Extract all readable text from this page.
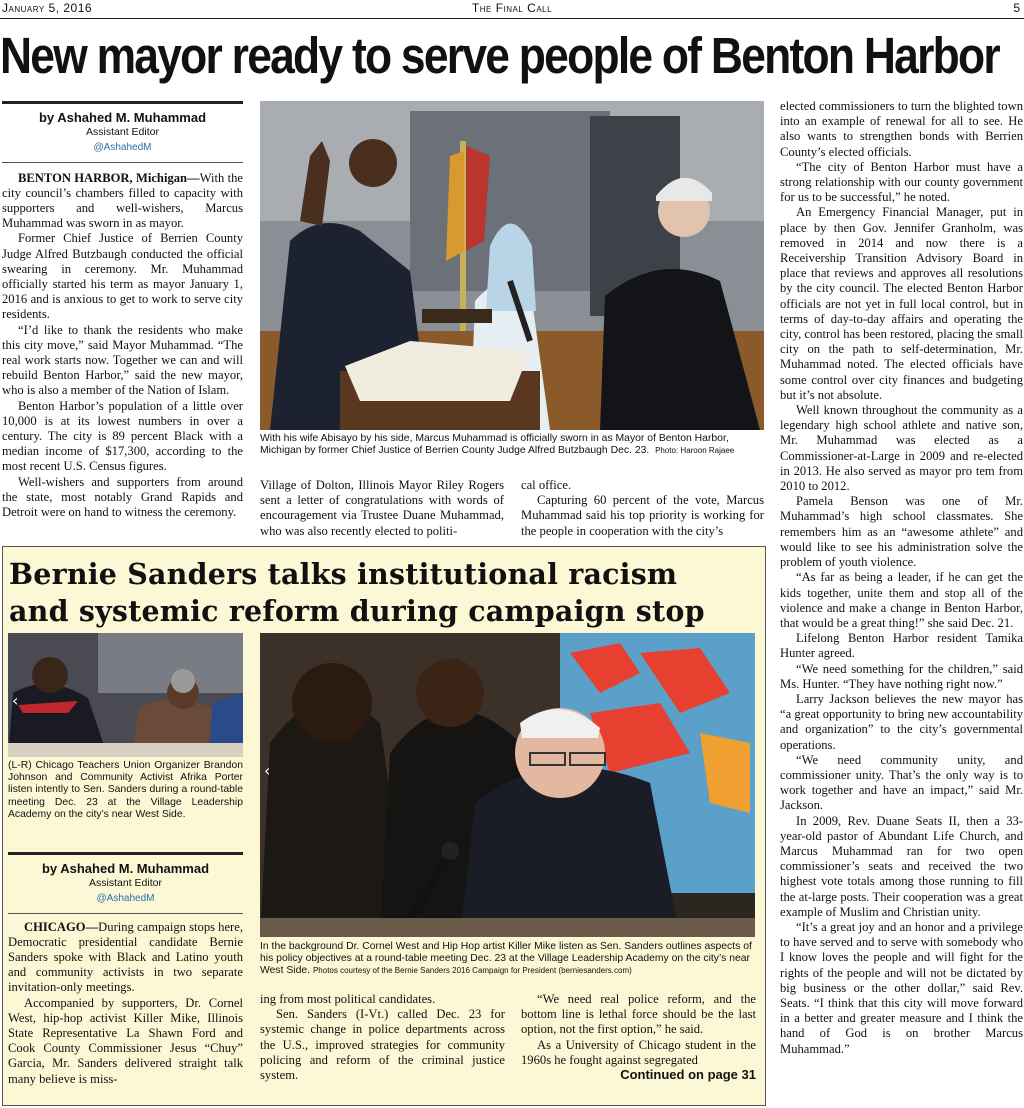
January 5, 2016	The Final Call	5
New mayor ready to serve people of Benton Harbor
by Ashahed M. Muhammad
Assistant Editor
@AshahedM

BENTON HARBOR, Michigan—With the city council’s chambers filled to capacity with supporters and well-wishers, Marcus Muhammad was sworn in as mayor.

Former Chief Justice of Berrien County Judge Alfred Butzbaugh conducted the official swearing in ceremony. Mr. Muhammad officially started his term as mayor January 1, 2016 and is anxious to get to work to serve city residents.

“I’d like to thank the residents who make this city move,” said Mayor Muhammad. “The real work starts now. Together we can and will rebuild Benton Harbor,” said the new mayor, who is also a member of the Nation of Islam.

Benton Harbor’s population of a little over 10,000 is at its lowest numbers in over a century. The city is 89 percent Black with a median income of $17,300, according to the most recent U.S. Census figures.

Well-wishers and supporters from around the state, most notably Grand Rapids and Detroit were on hand to witness the ceremony.

With his wife Abisayo by his side, Marcus Muhammad is officially sworn in as Mayor of Benton Harbor, Michigan by former Chief Justice of Berrien County Judge Alfred Butzbaugh Dec. 23. Photo: Haroon Rajaee

Village of Dolton, Illinois Mayor Riley Rogers sent a letter of congratulations with words of encouragement via Trustee Duane Muhammad, who was also recently elected to politi-

cal office.

Capturing 60 percent of the vote, Marcus Muhammad said his top priority is working for the people in cooperation with the city’s

elected commissioners to turn the blighted town into an example of renewal for all to see. He also wants to strengthen bonds with Berrien County’s elected officials.

“The city of Benton Harbor must have a strong relationship with our county government for us to be successful,” he noted.

An Emergency Financial Manager, put in place by then Gov. Jennifer Granholm, was removed in 2014 and now there is a Receivership Transition Advisory Board in place that reviews and approves all resolutions by the city council. The elected Benton Harbor officials are not yet in full local control, but in terms of day-to-day affairs and operating the city, control has been restored, placing the small city on the path to self-determination, Mr. Muhammad noted. The elected officials have some control over city finances and budgeting but it’s not absolute.

Well known throughout the community as a legendary high school athlete and native son, Mr. Muhammad was elected as a Commissioner-at-Large in 2009 and re-elected in 2013. He also served as mayor pro tem from 2010 to 2012.

Pamela Benson was one of Mr. Muhammad’s high school classmates. She remembers him as an “awesome athlete” and would like to see his administration solve the problem of youth violence.

“As far as being a leader, if he can get the kids together, unite them and stop all of the violence and make a change in Benton Harbor, that would be a great thing!” she said Dec. 21.

Lifelong Benton Harbor resident Tamika Hunter agreed.

“We need something for the children,” said Ms. Hunter. “They have nothing right now.”

Larry Jackson believes the new mayor has “a great opportunity to bring new accountability and organization” to the city’s governmental operations.

“We need community unity, and commissioner unity. That’s the only way is to work together and have an impact,” said Mr. Jackson.

In 2009, Rev. Duane Seats II, then a 33-year-old pastor of Abundant Life Church, and Marcus Muhammad ran for two open commissioner’s seats and received the two highest vote totals among those running to fill the at-large posts. Their cooperation was a great example of Muslim and Christian unity.

“It’s a great joy and an honor and a privilege to have served and to serve with somebody who I know loves the people and will fight for the rights of the people and will not be dictated by big business or the other dollar,” said Rev. Seats. “I think that this city will move forward in a better and greater measure and I think the hand of God is on brother Marcus Muhammad.”

Bernie Sanders talks institutional racism
and systemic reform during campaign stop
‹
(L-R) Chicago Teachers Union Organizer Brandon Johnson and Community Activist Afrika Porter listen intently to Sen. Sanders during a round-table meeting Dec. 23 at the Village Leadership Academy on the city’s near West Side.
by Ashahed M. Muhammad
Assistant Editor
@AshahedM

CHICAGO—During campaign stops here, Democratic presidential candidate Bernie Sanders spoke with Black and Latino youth and community activists in two separate invitation-only meetings.

Accompanied by supporters, Dr. Cornel West, hip-hop activist Killer Mike, Illinois State Representative La Shawn Ford and Cook County Commissioner Jesus “Chuy” Garcia, Mr. Sanders delivered straight talk many believe is miss-

‹
In the background Dr. Cornel West and Hip Hop artist Killer Mike listen as Sen. Sanders outlines aspects of his policy objectives at a round-table meeting Dec. 23 at the Village Leadership Academy on the city’s near West Side. Photos courtesy of the Bernie Sanders 2016 Campaign for President (berniesanders.com)

ing from most political candidates.

Sen. Sanders (I-Vt.) called Dec. 23 for systemic change in police departments across the U.S., improved strategies for community policing and reform of the criminal justice system.

“We need real police reform, and the bottom line is lethal force should be the last option, not the first option,” he said.

As a University of Chicago student in the 1960s he fought against segregated

Continued on page 31
